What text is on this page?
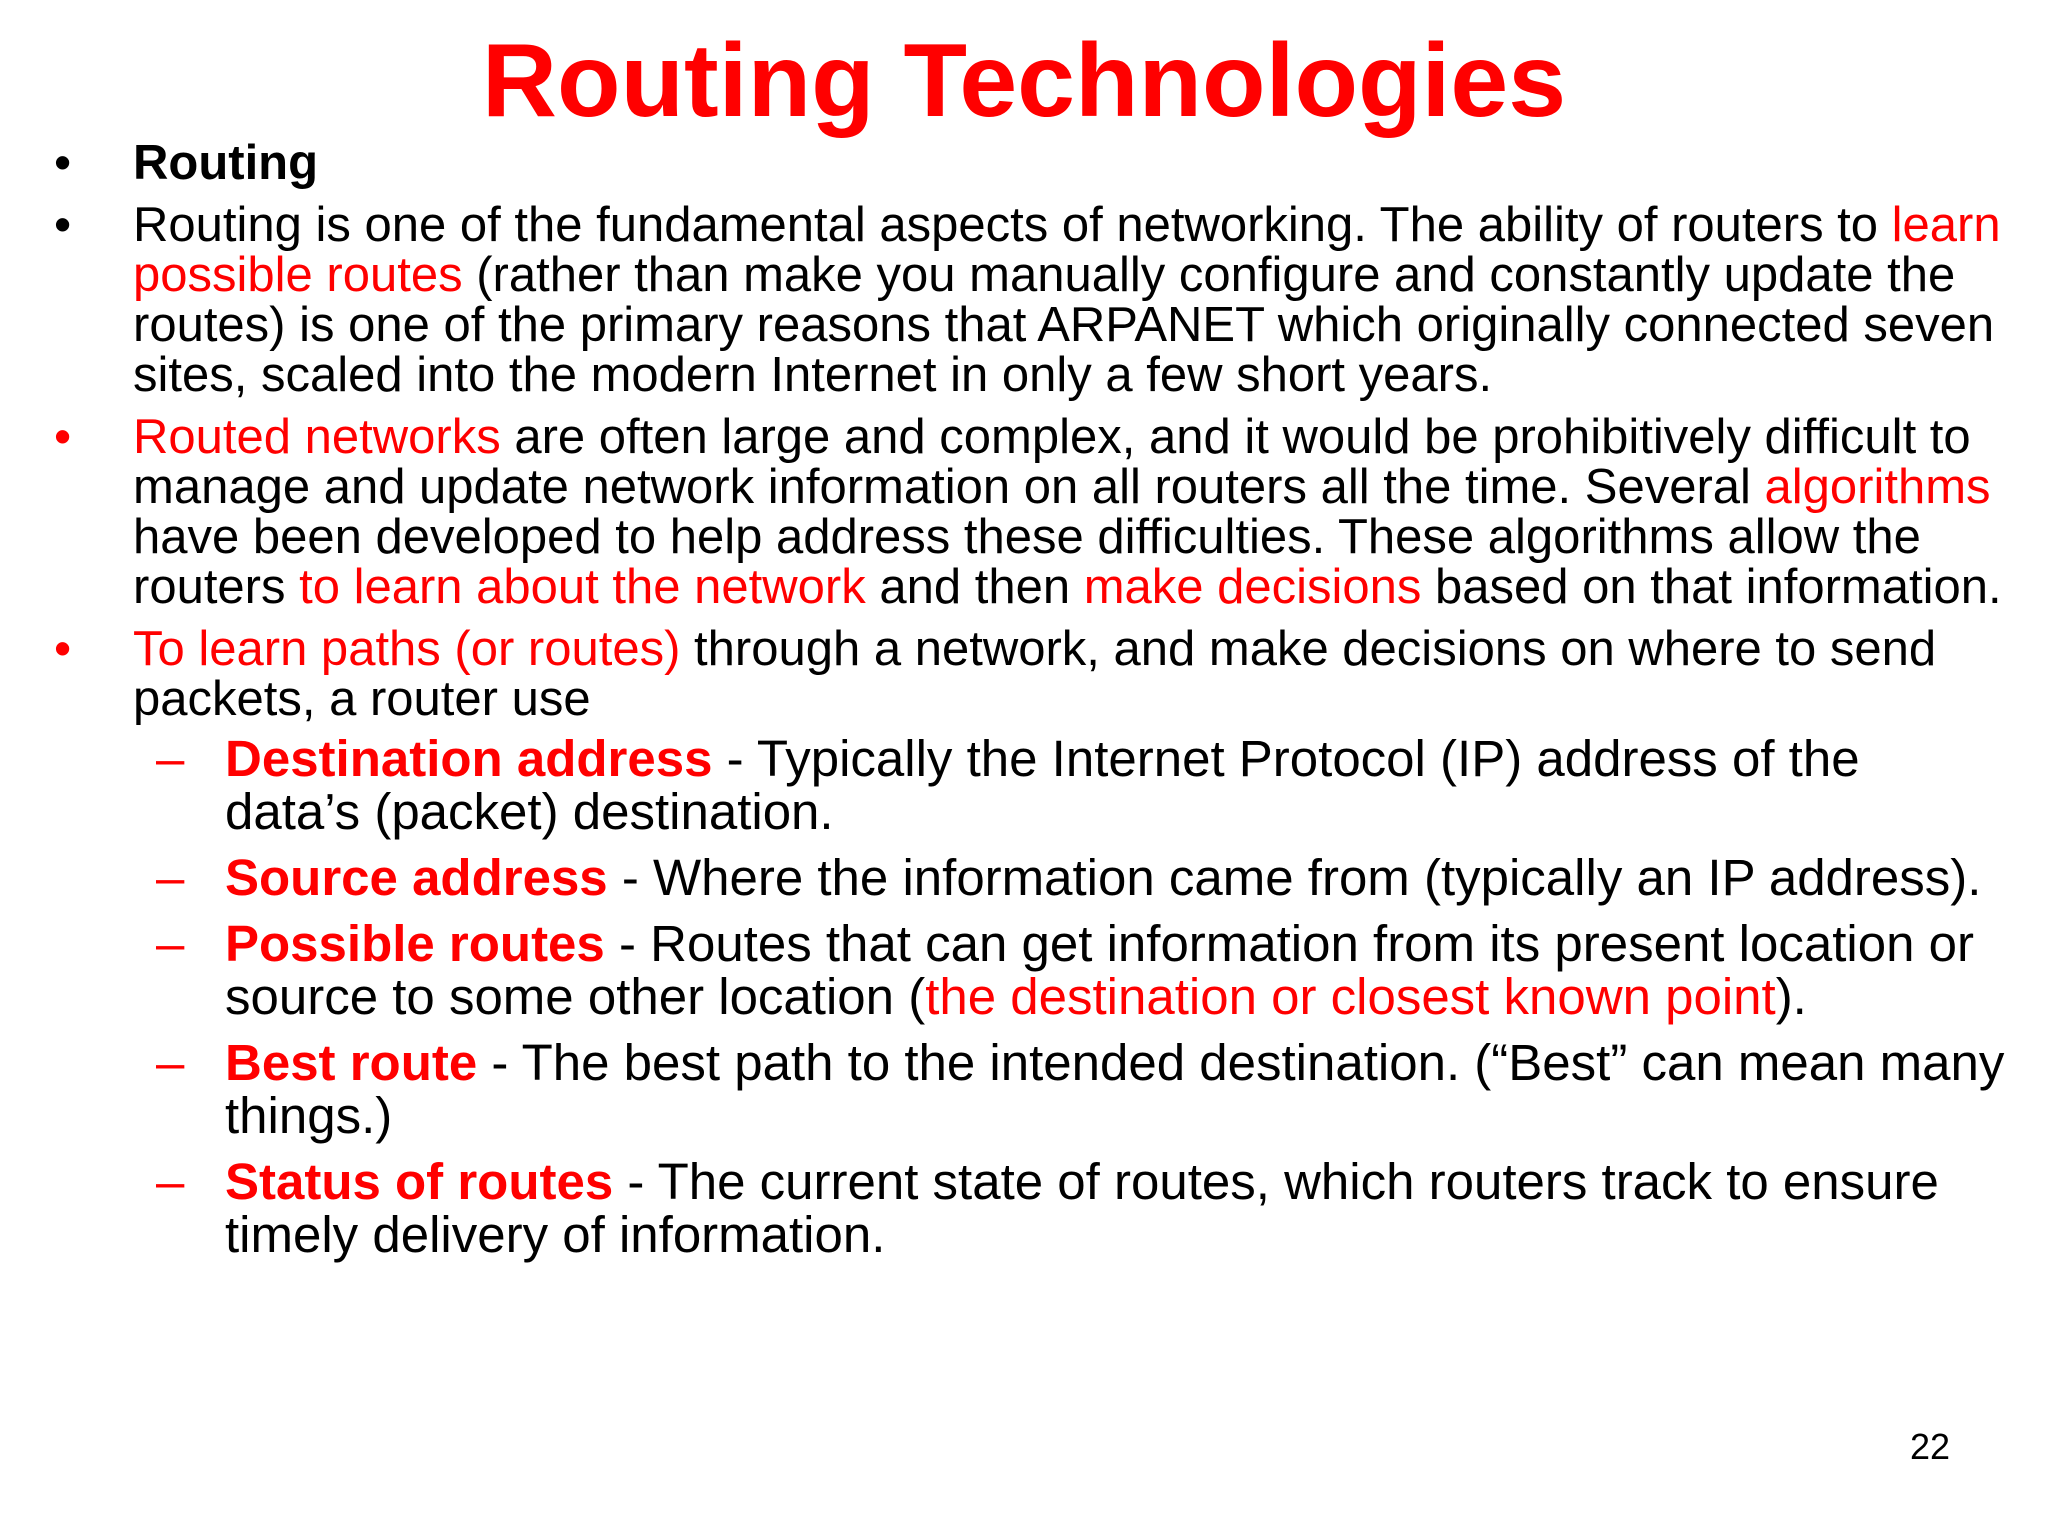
Routing Technologies
• Routing
• Routing is one of the fundamental aspects of networking. The ability of routers to learn possible routes (rather than make you manually configure and constantly update the routes) is one of the primary reasons that ARPANET which originally connected seven sites, scaled into the modern Internet in only a few short years.
• Routed networks are often large and complex, and it would be prohibitively difficult to manage and update network information on all routers all the time. Several algorithms have been developed to help address these difficulties. These algorithms allow the routers to learn about the network and then make decisions based on that information.
• To learn paths (or routes) through a network, and make decisions on where to send packets, a router use
– Destination address - Typically the Internet Protocol (IP) address of the data’s (packet) destination.
– Source address - Where the information came from (typically an IP address).
– Possible routes - Routes that can get information from its present location or source to some other location (the destination or closest known point).
– Best route - The best path to the intended destination. (“Best” can mean many things.)
– Status of routes - The current state of routes, which routers track to ensure timely delivery of information.
22
